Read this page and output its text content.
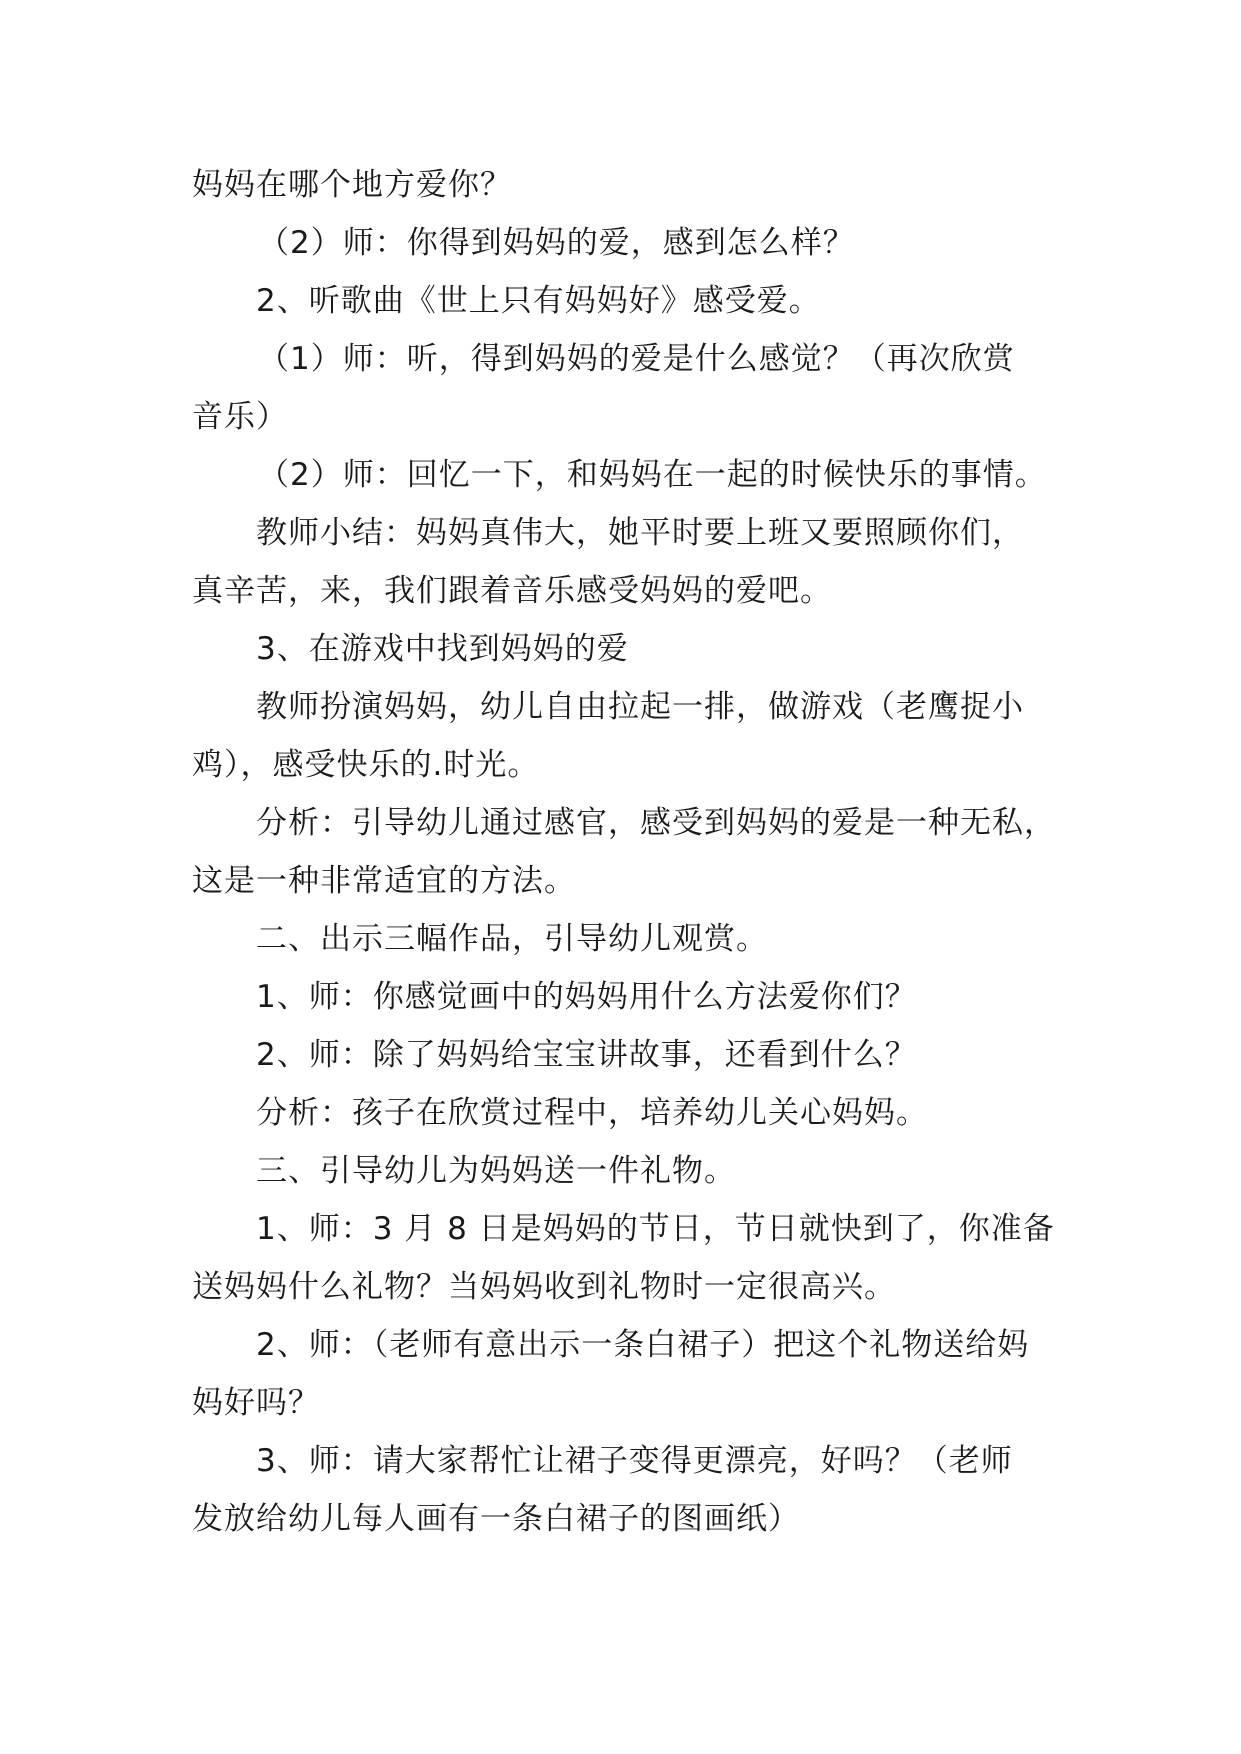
妈妈在哪个地方爱你？
（2）师：你得到妈妈的爱，感到怎么样？
2、听歌曲《世上只有妈妈好》感受爱。
（1）师：听，得到妈妈的爱是什么感觉？（再次欣赏
音乐）
（2）师：回忆一下，和妈妈在一起的时候快乐的事情。
教师小结：妈妈真伟大，她平时要上班又要照顾你们，
真辛苦，来，我们跟着音乐感受妈妈的爱吧。
3、在游戏中找到妈妈的爱
教师扮演妈妈，幼儿自由拉起一排，做游戏（老鹰捉小
鸡），感受快乐的.时光。
分析：引导幼儿通过感官，感受到妈妈的爱是一种无私，
这是一种非常适宜的方法。
二、出示三幅作品，引导幼儿观赏。
1、师：你感觉画中的妈妈用什么方法爱你们？
2、师：除了妈妈给宝宝讲故事，还看到什么？
分析：孩子在欣赏过程中，培养幼儿关心妈妈。
三、引导幼儿为妈妈送一件礼物。
1、师：3 月 8 日是妈妈的节日，节日就快到了，你准备
送妈妈什么礼物？当妈妈收到礼物时一定很高兴。
2、师：（老师有意出示一条白裙子）把这个礼物送给妈
妈好吗？
3、师：请大家帮忙让裙子变得更漂亮，好吗？（老师
发放给幼儿每人画有一条白裙子的图画纸）
